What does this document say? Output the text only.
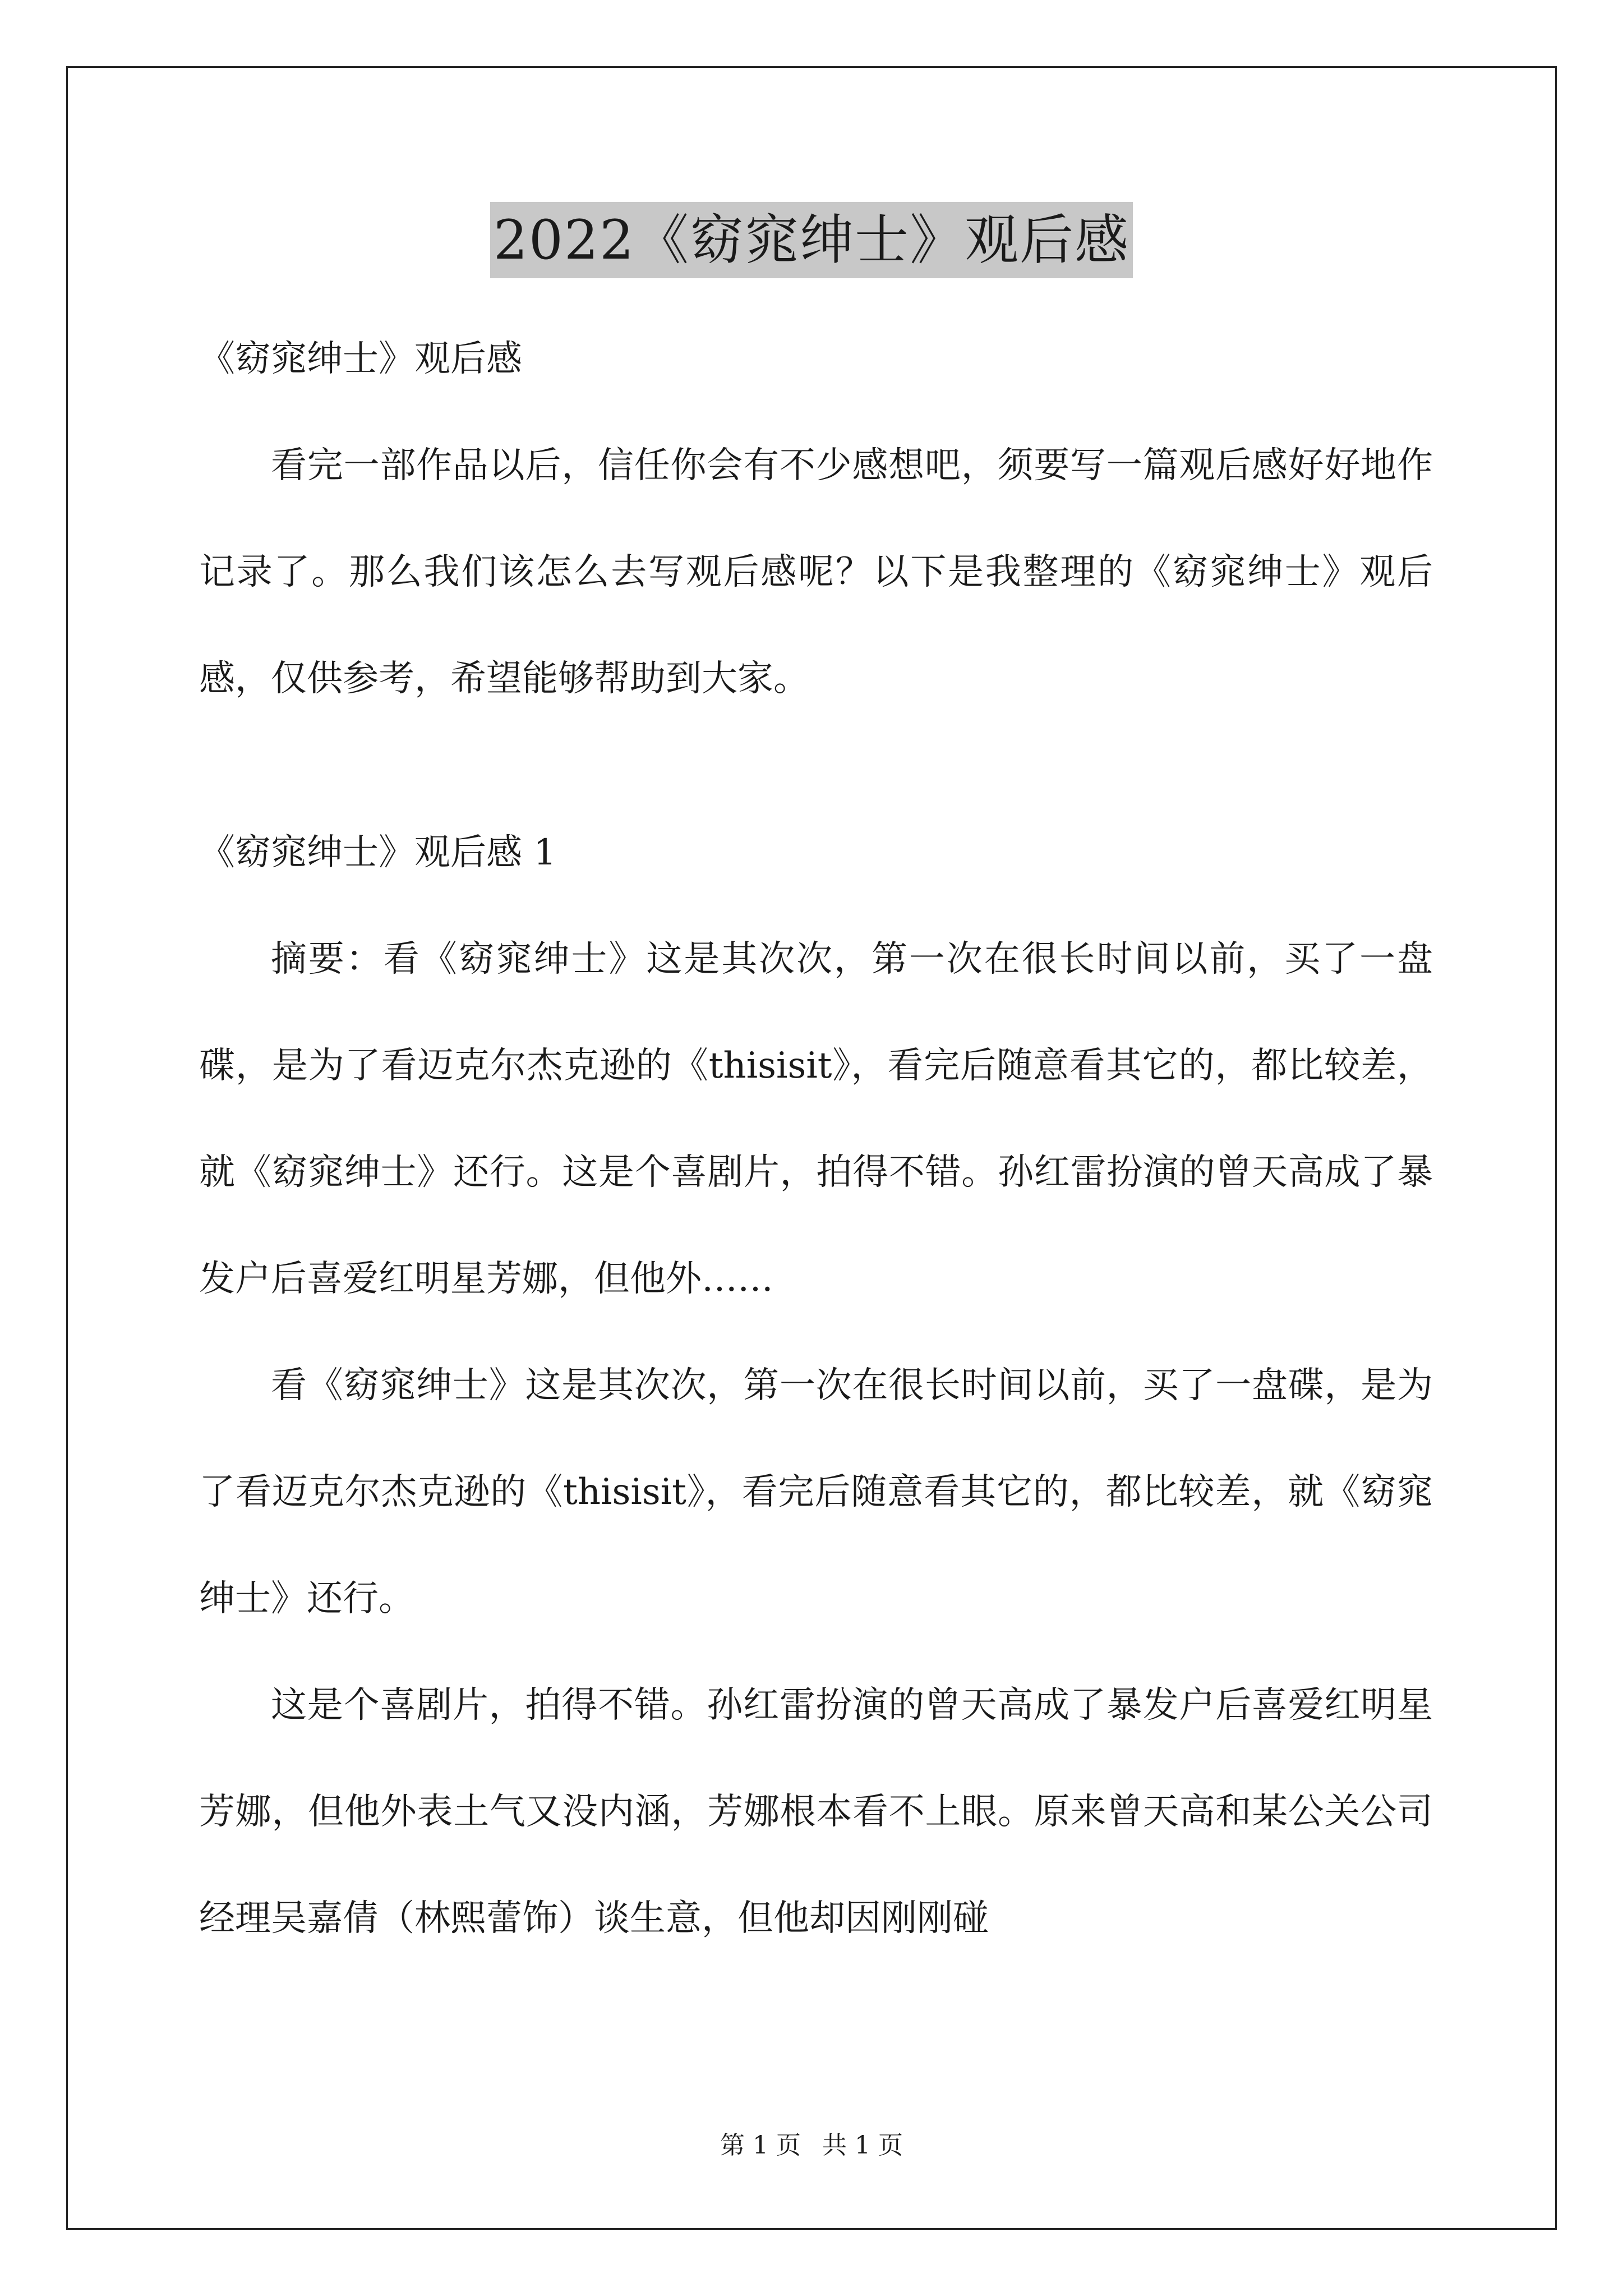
2022《窈窕绅士》观后感

《窈窕绅士》观后感

看完一部作品以后，信任你会有不少感想吧，须要写一篇观后感好好地作记录了。那么我们该怎么去写观后感呢？以下是我整理的《窈窕绅士》观后感，仅供参考，希望能够帮助到大家。

《窈窕绅士》观后感 1

摘要：看《窈窕绅士》这是其次次，第一次在很长时间以前，买了一盘碟，是为了看迈克尔杰克逊的《thisisit》，看完后随意看其它的，都比较差，就《窈窕绅士》还行。这是个喜剧片，拍得不错。孙红雷扮演的曾天高成了暴发户后喜爱红明星芳娜，但他外……

看《窈窕绅士》这是其次次，第一次在很长时间以前，买了一盘碟，是为了看迈克尔杰克逊的《thisisit》，看完后随意看其它的，都比较差，就《窈窕绅士》还行。

这是个喜剧片，拍得不错。孙红雷扮演的曾天高成了暴发户后喜爱红明星芳娜，但他外表土气又没内涵，芳娜根本看不上眼。原来曾天高和某公关公司经理吴嘉倩（林熙蕾饰）谈生意，但他却因刚刚碰

第 1 页 共 1 页
